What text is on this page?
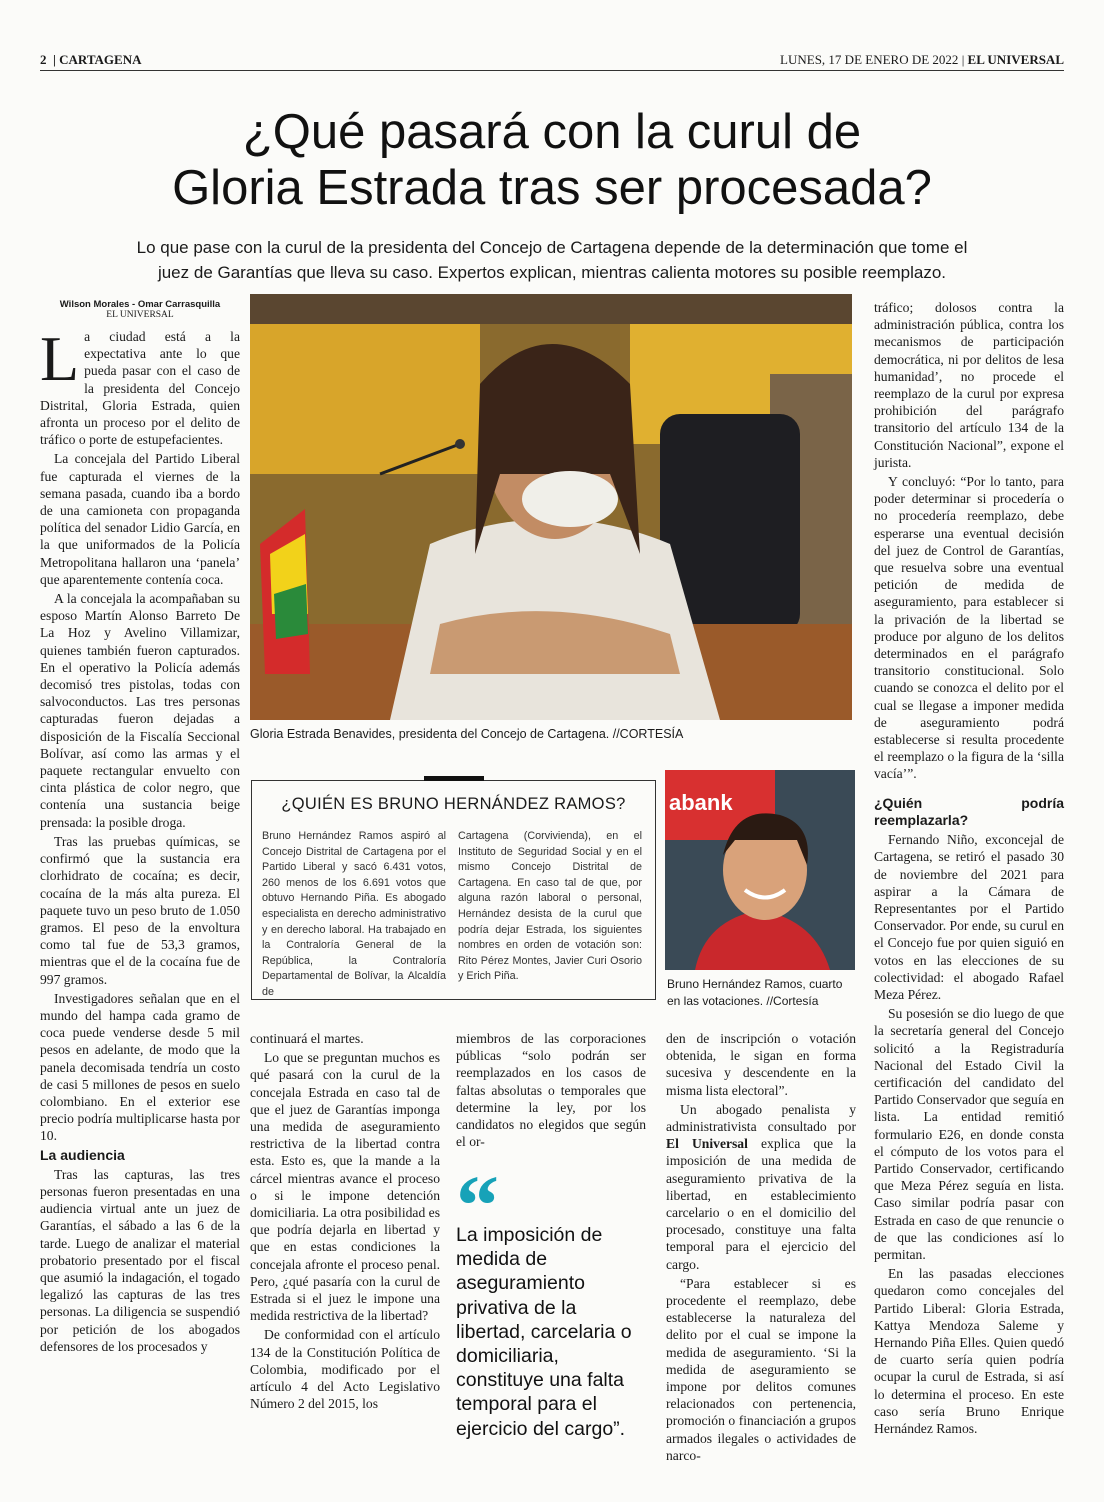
2  | CARTAGENA	LUNES, 17 DE ENERO DE 2022 | EL UNIVERSAL
¿Qué pasará con la curul de
Gloria Estrada tras ser procesada?
Lo que pase con la curul de la presidenta del Concejo de Cartagena depende de la determinación que tome el juez de Garantías que lleva su caso. Expertos explican, mientras calienta motores su posible reemplazo.
Wilson Morales - Omar Carrasquilla
EL UNIVERSAL

La ciudad está a la expectativa ante lo que pueda pasar con el caso de la presidenta del Concejo Distrital, Gloria Estrada, quien afronta un proceso por el delito de tráfico o porte de estupefacientes.

La concejala del Partido Liberal fue capturada el viernes de la semana pasada, cuando iba a bordo de una camioneta con propaganda política del senador Lidio García, en la que uniformados de la Policía Metropolitana hallaron una ‘panela’ que aparentemente contenía coca.

A la concejala la acompañaban su esposo Martín Alonso Barreto De La Hoz y Avelino Villamizar, quienes también fueron capturados. En el operativo la Policía además decomisó tres pistolas, todas con salvoconductos. Las tres personas capturadas fueron dejadas a disposición de la Fiscalía Seccional Bolívar, así como las armas y el paquete rectangular envuelto con cinta plástica de color negro, que contenía una sustancia beige prensada: la posible droga.

Tras las pruebas químicas, se confirmó que la sustancia era clorhidrato de cocaína; es decir, cocaína de la más alta pureza. El paquete tuvo un peso bruto de 1.050 gramos. El peso de la envoltura como tal fue de 53,3 gramos, mientras que el de la cocaína fue de 997 gramos.

Investigadores señalan que en el mundo del hampa cada gramo de coca puede venderse desde 5 mil pesos en adelante, de modo que la panela decomisada tendría un costo de casi 5 millones de pesos en suelo colombiano. En el exterior ese precio podría multiplicarse hasta por 10.

La audiencia

Tras las capturas, las tres personas fueron presentadas en una audiencia virtual ante un juez de Garantías, el sábado a las 6 de la tarde. Luego de analizar el material probatorio presentado por el fiscal que asumió la indagación, el togado legalizó las capturas de las tres personas. La diligencia se suspendió por petición de los abogados defensores de los procesados y

Gloria Estrada Benavides, presidenta del Concejo de Cartagena. //CORTESÍA
¿QUIÉN ES BRUNO HERNÁNDEZ RAMOS?
Bruno Hernández Ramos aspiró al Concejo Distrital de Cartagena por el Partido Liberal y sacó 6.431 votos, 260 menos de los 6.691 votos que obtuvo Hernando Piña. Es abogado especialista en derecho administrativo y en derecho laboral. Ha trabajado en la Contraloría General de la República, la Contraloría Departamental de Bolívar, la Alcaldía de
Cartagena (Corvivienda), en el Instituto de Seguridad Social y en el mismo Concejo Distrital de Cartagena. En caso tal de que, por alguna razón laboral o personal, Hernández desista de la curul que podría dejar Estrada, los siguientes nombres en orden de votación son: Rito Pérez Montes, Javier Curi Osorio y Erich Piña.
abank
Bruno Hernández Ramos, cuarto en las votaciones. //Cortesía

continuará el martes.

Lo que se preguntan muchos es qué pasará con la curul de la concejala Estrada en caso tal de que el juez de Garantías imponga una medida de aseguramiento restrictiva de la libertad contra esta. Esto es, que la mande a la cárcel mientras avance el proceso o si le impone detención domiciliaria. La otra posibilidad es que podría dejarla en libertad y que en estas condiciones la concejala afronte el proceso penal. Pero, ¿qué pasaría con la curul de Estrada si el juez le impone una medida restrictiva de la libertad?

De conformidad con el artículo 134 de la Constitución Política de Colombia, modificado por el artículo 4 del Acto Legislativo Número 2 del 2015, los

miembros de las corporaciones públicas “solo podrán ser reemplazados en los casos de faltas absolutas o temporales que determine la ley, por los candidatos no elegidos que según el or-

“
La imposición de medida de aseguramiento privativa de la libertad, carcelaria o domiciliaria, constituye una falta temporal para el ejercicio del cargo”.

den de inscripción o votación obtenida, le sigan en forma sucesiva y descendente en la misma lista electoral”.

Un abogado penalista y administrativista consultado por El Universal explica que la imposición de una medida de aseguramiento privativa de la libertad, en establecimiento carcelario o en el domicilio del procesado, constituye una falta temporal para el ejercicio del cargo.

“Para establecer si es procedente el reemplazo, debe establecerse la naturaleza del delito por el cual se impone la medida de aseguramiento. ‘Si la medida de aseguramiento se impone por delitos comunes relacionados con pertenencia, promoción o financiación a grupos armados ilegales o actividades de narco-

tráfico; dolosos contra la administración pública, contra los mecanismos de participación democrática, ni por delitos de lesa humanidad’, no procede el reemplazo de la curul por expresa prohibición del parágrafo transitorio del artículo 134 de la Constitución Nacional”, expone el jurista.

Y concluyó: “Por lo tanto, para poder determinar si procedería o no procedería reemplazo, debe esperarse una eventual decisión del juez de Control de Garantías, que resuelva sobre una eventual petición de medida de aseguramiento, para establecer si la privación de la libertad se produce por alguno de los delitos determinados en el parágrafo transitorio constitucional. Solo cuando se conozca el delito por el cual se llegase a imponer medida de aseguramiento podrá establecerse si resulta procedente el reemplazo o la figura de la ‘silla vacía’”.

¿Quién podría reemplazarla?

Fernando Niño, exconcejal de Cartagena, se retiró el pasado 30 de noviembre del 2021 para aspirar a la Cámara de Representantes por el Partido Conservador. Por ende, su curul en el Concejo fue por quien siguió en votos en las elecciones de su colectividad: el abogado Rafael Meza Pérez.

Su posesión se dio luego de que la secretaría general del Concejo solicitó a la Registraduría Nacional del Estado Civil la certificación del candidato del Partido Conservador que seguía en lista. La entidad remitió formulario E26, en donde consta el cómputo de los votos para el Partido Conservador, certificando que Meza Pérez seguía en lista. Caso similar podría pasar con Estrada en caso de que renuncie o de que las condiciones así lo permitan.

En las pasadas elecciones quedaron como concejales del Partido Liberal: Gloria Estrada, Kattya Mendoza Saleme y Hernando Piña Elles. Quien quedó de cuarto sería quien podría ocupar la curul de Estrada, si así lo determina el proceso. En este caso sería Bruno Enrique Hernández Ramos.
